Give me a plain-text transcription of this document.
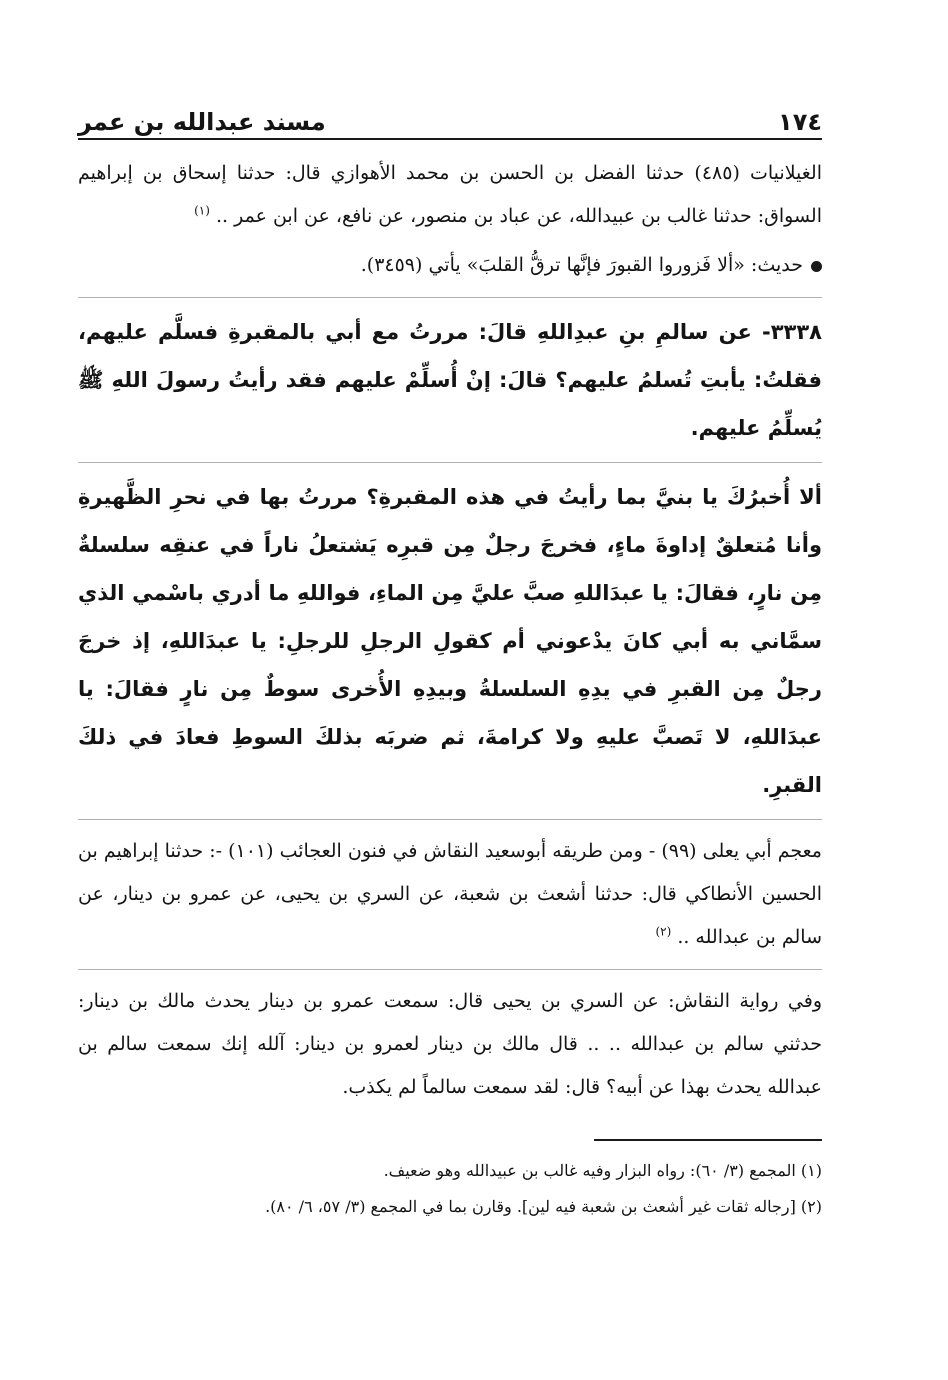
١٧٤
مسند عبدالله بن عمر

الغيلانيات (٤٨٥) حدثنا الفضل بن الحسن بن محمد الأهوازي قال: حدثنا إسحاق بن إبراهيم السواق: حدثنا غالب بن عبيدالله، عن عباد بن منصور، عن نافع، عن ابن عمر .. $^{(١)}$

حديث: «ألا فَزوروا القبورَ فإنَّها ترقُّ القلبَ» يأتي (٣٤٥٩).

٣٣٣٨- عن سالمِ بنِ عبدِاللهِ قالَ: مررتُ مع أبي بالمقبرةِ فسلَّم عليهم، فقلتُ: يأبتِ تُسلمُ عليهم؟ قالَ: إنْ أُسلِّمْ عليهم فقد رأيتُ رسولَ اللهِ ﷺ يُسلِّمُ عليهم.

ألا أُخبرُكَ يا بنيَّ بما رأيتُ في هذه المقبرةِ؟ مررتُ بها في نحرِ الظَّهيرةِ وأنا مُتعلقٌ إداوةَ ماءٍ، فخرجَ رجلٌ مِن قبرِه يَشتعلُ ناراً في عنقِه سلسلةٌ مِن نارٍ، فقالَ: يا عبدَاللهِ صبَّ عليَّ مِن الماءِ، فواللهِ ما أدري باسْمي الذي سمَّاني به أبي كانَ يدْعوني أم كقولِ الرجلِ للرجلِ: يا عبدَاللهِ، إذ خرجَ رجلٌ مِن القبرِ في يدِهِ السلسلةُ وبيدِهِ الأُخرى سوطٌ مِن نارٍ فقالَ: يا عبدَاللهِ، لا تَصبَّ عليهِ ولا كرامةَ، ثم ضربَه بذلكَ السوطِ فعادَ في ذلكَ القبرِ.

معجم أبي يعلى (٩٩) - ومن طريقه أبوسعيد النقاش في فنون العجائب (١٠١) -: حدثنا إبراهيم بن الحسين الأنطاكي قال: حدثنا أشعث بن شعبة، عن السري بن يحيى، عن عمرو بن دينار، عن سالم بن عبدالله .. $^{(٢)}$

وفي رواية النقاش: عن السري بن يحيى قال: سمعت عمرو بن دينار يحدث مالك بن دينار: حدثني سالم بن عبدالله .. .. قال مالك بن دينار لعمرو بن دينار: آلله إنك سمعت سالم بن عبدالله يحدث بهذا عن أبيه؟ قال: لقد سمعت سالماً لم يكذب.

(١) المجمع (٣/ ٦٠): رواه البزار وفيه غالب بن عبيدالله وهو ضعيف.

(٢) [رجاله ثقات غير أشعث بن شعبة فيه لين]. وقارن بما في المجمع (٣/ ٥٧، ٦/ ٨٠).
